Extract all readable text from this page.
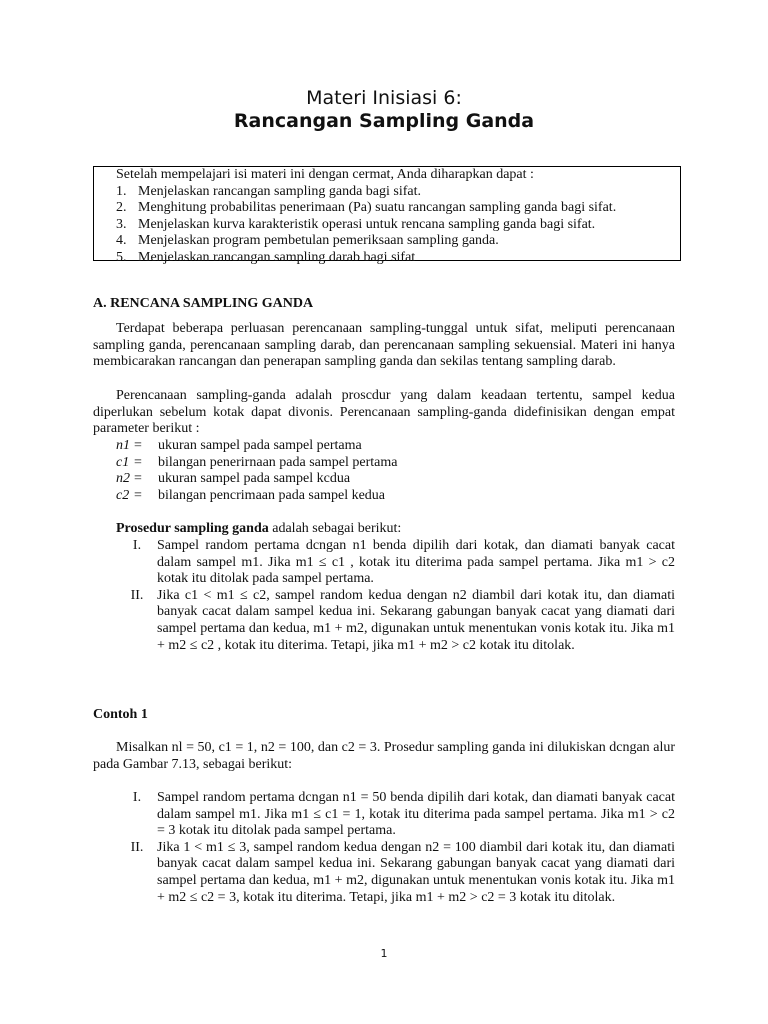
Materi Inisiasi 6:
Rancangan Sampling Ganda
Setelah mempelajari isi materi ini dengan cermat, Anda diharapkan dapat :
1. Menjelaskan rancangan sampling ganda bagi sifat.
2. Menghitung probabilitas penerimaan (Pa) suatu rancangan sampling ganda bagi sifat.
3. Menjelaskan kurva karakteristik operasi untuk rencana sampling ganda bagi sifat.
4. Menjelaskan program pembetulan pemeriksaan sampling ganda.
5. Menjelaskan rancangan sampling darab bagi sifat
A. RENCANA SAMPLING GANDA
Terdapat beberapa perluasan perencanaan sampling-tunggal untuk sifat, meliputi perencanaan sampling ganda, perencanaan sampling darab, dan perencanaan sampling sekuensial. Materi ini hanya membicarakan rancangan dan penerapan sampling ganda dan sekilas tentang sampling darab.
Perencanaan sampling-ganda adalah proscdur yang dalam keadaan tertentu, sampel kedua diperlukan sebelum kotak dapat divonis. Perencanaan sampling-ganda didefinisikan dengan empat parameter berikut :
n1 =	ukuran sampel pada sampel pertama
c1 =	bilangan penerirnaan pada sampel pertama
n2 =	ukuran sampel pada sampel kcdua
c2 =	bilangan pencrimaan pada sampel kedua
Prosedur sampling ganda adalah sebagai berikut:
I.	Sampel random pertama dcngan n1 benda dipilih dari kotak, dan diamati banyak cacat dalam sampel m1. Jika m1 ≤ c1 , kotak itu diterima pada sampel pertama. Jika m1 > c2 kotak itu ditolak pada sampel pertama.
II. Jika c1 < m1 ≤ c2, sampel random kedua dengan n2 diambil dari kotak itu, dan diamati banyak cacat dalam sampel kedua ini. Sekarang gabungan banyak cacat yang diamati dari sampel pertama dan kedua, m1 + m2, digunakan untuk menentukan vonis kotak itu. Jika m1 + m2 ≤ c2 , kotak itu diterima. Tetapi, jika m1 + m2 > c2 kotak itu ditolak.
Contoh 1
Misalkan nl = 50, c1 = 1, n2 = 100, dan c2 = 3. Prosedur sampling ganda ini dilukiskan dcngan alur pada Gambar 7.13, sebagai berikut:
I.	Sampel random pertama dcngan n1 = 50 benda dipilih dari kotak, dan diamati banyak cacat dalam sampel m1. Jika m1 ≤ c1 = 1, kotak itu diterima pada sampel pertama. Jika m1 > c2 = 3 kotak itu ditolak pada sampel pertama.
II. Jika 1 < m1 ≤ 3, sampel random kedua dengan n2 = 100 diambil dari kotak itu, dan diamati banyak cacat dalam sampel kedua ini. Sekarang gabungan banyak cacat yang diamati dari sampel pertama dan kedua, m1 + m2, digunakan untuk menentukan vonis kotak itu. Jika m1 + m2 ≤ c2 = 3, kotak itu diterima. Tetapi, jika m1 + m2 > c2 = 3 kotak itu ditolak.
1
